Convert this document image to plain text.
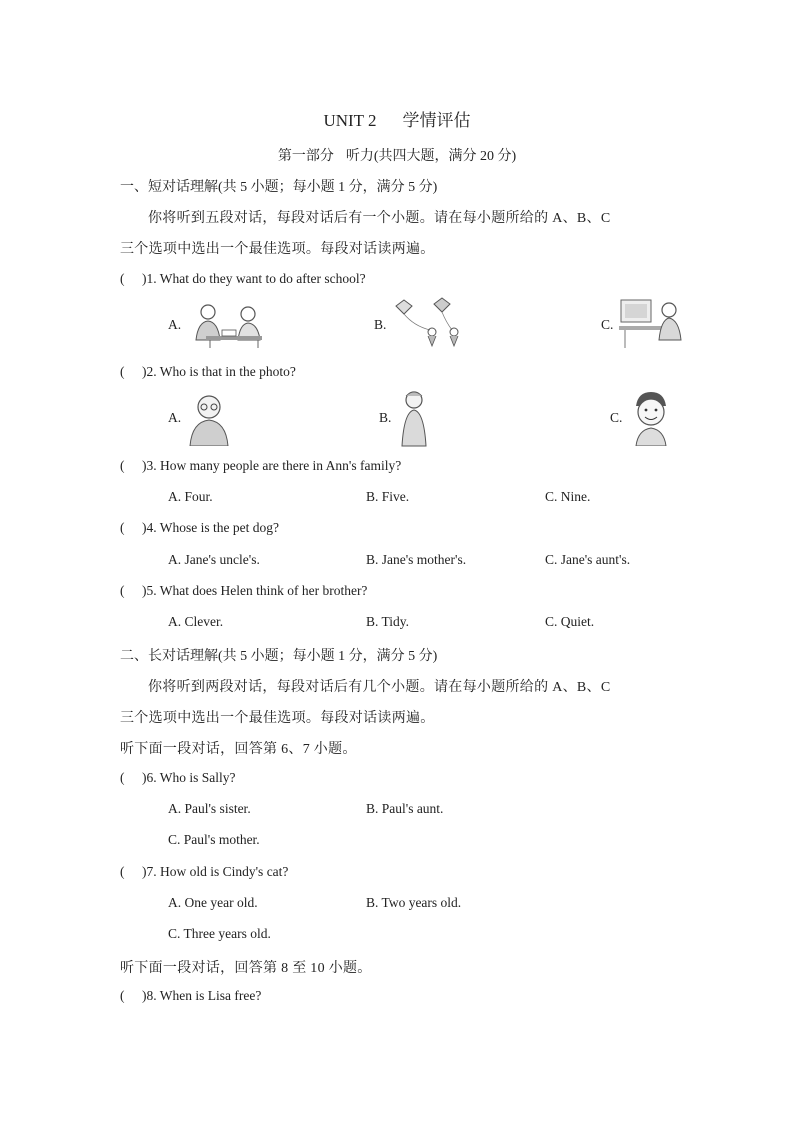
UNIT 2 学情评估
第一部分 听力(共四大题，满分 20 分)
一、短对话理解(共 5 小题；每小题 1 分，满分 5 分)
你将听到五段对话，每段对话后有一个小题。请在每小题所给的 A、B、C
三个选项中选出一个最佳选项。每段对话读两遍。
( )1. What do they want to do after school?
A.	B.	C.
( )2. Who is that in the photo?
A.	B.	C.
( )3. How many people are there in Ann's family?
A. Four.	B. Five.	C. Nine.
( )4. Whose is the pet dog?
A. Jane's uncle's.	B. Jane's mother's.	C. Jane's aunt's.
( )5. What does Helen think of her brother?
A. Clever.	B. Tidy.	C. Quiet.
二、长对话理解(共 5 小题；每小题 1 分，满分 5 分)
你将听到两段对话，每段对话后有几个小题。请在每小题所给的 A、B、C
三个选项中选出一个最佳选项。每段对话读两遍。
听下面一段对话，回答第 6、7 小题。
( )6. Who is Sally?
A. Paul's sister.	B. Paul's aunt.
C. Paul's mother.
( )7. How old is Cindy's cat?
A. One year old.	B. Two years old.
C. Three years old.
听下面一段对话，回答第 8 至 10 小题。
( )8. When is Lisa free?
